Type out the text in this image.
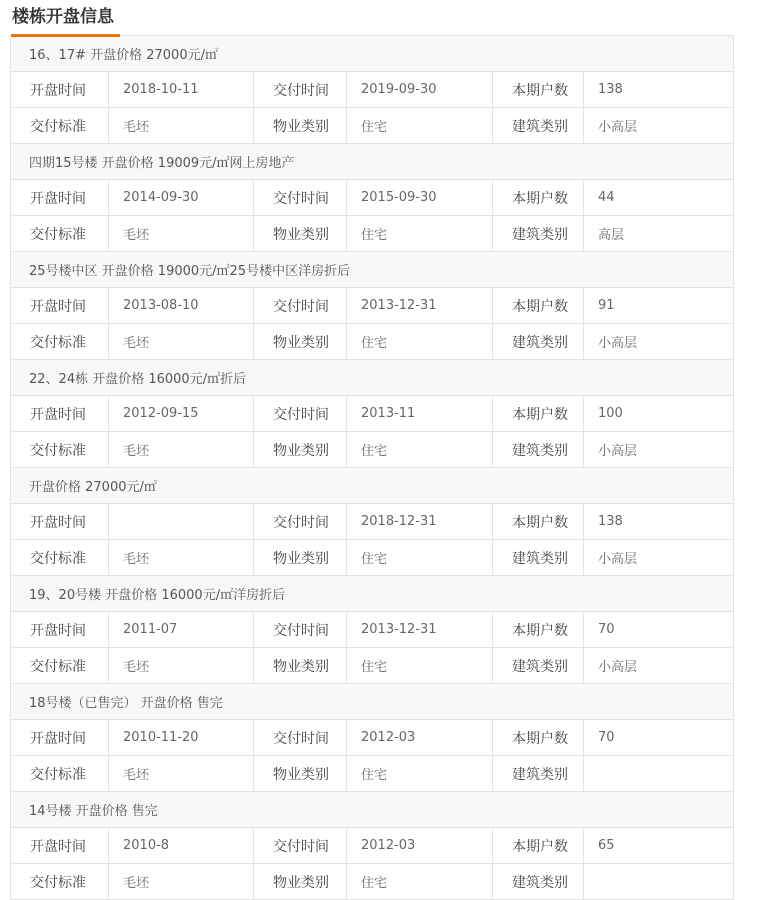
楼栋开盘信息
16、17# 开盘价格 27000元/㎡					
开盘时间	2018-10-11	交付时间	2019-09-30	本期户数	138
交付标准	毛坯	物业类别	住宅	建筑类别	小高层
四期15号楼 开盘价格 19009元/㎡网上房地产					
开盘时间	2014-09-30	交付时间	2015-09-30	本期户数	44
交付标准	毛坯	物业类别	住宅	建筑类别	高层
25号楼中区 开盘价格 19000元/㎡25号楼中区洋房折后					
开盘时间	2013-08-10	交付时间	2013-12-31	本期户数	91
交付标准	毛坯	物业类别	住宅	建筑类别	小高层
22、24栋 开盘价格 16000元/㎡折后					
开盘时间	2012-09-15	交付时间	2013-11	本期户数	100
交付标准	毛坯	物业类别	住宅	建筑类别	小高层
开盘价格 27000元/㎡					
开盘时间		交付时间	2018-12-31	本期户数	138
交付标准	毛坯	物业类别	住宅	建筑类别	小高层
19、20号楼 开盘价格 16000元/㎡洋房折后					
开盘时间	2011-07	交付时间	2013-12-31	本期户数	70
交付标准	毛坯	物业类别	住宅	建筑类别	小高层
18号楼（已售完） 开盘价格 售完					
开盘时间	2010-11-20	交付时间	2012-03	本期户数	70
交付标准	毛坯	物业类别	住宅	建筑类别	
14号楼 开盘价格 售完					
开盘时间	2010-8	交付时间	2012-03	本期户数	65
交付标准	毛坯	物业类别	住宅	建筑类别	
